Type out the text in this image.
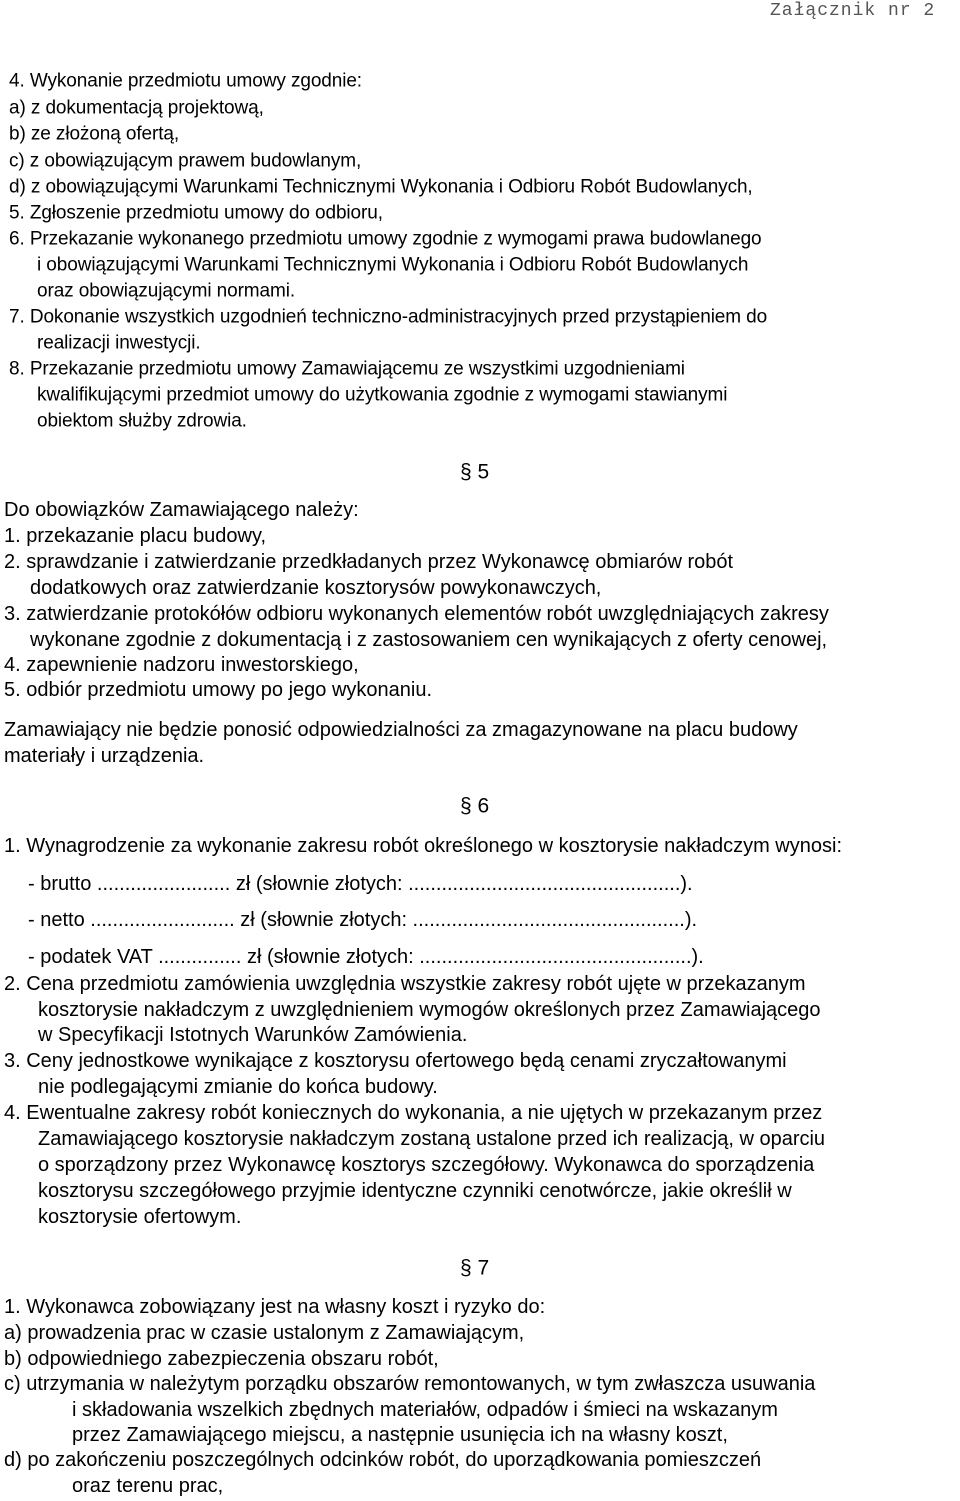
Załącznik nr 2
4. Wykonanie przedmiotu umowy zgodnie:
a) z dokumentacją projektową,
b) ze złożoną ofertą,
c) z obowiązującym prawem budowlanym,
d) z obowiązującymi Warunkami Technicznymi Wykonania i Odbioru Robót Budowlanych,
5. Zgłoszenie przedmiotu umowy do odbioru,
6. Przekazanie wykonanego przedmiotu umowy zgodnie z wymogami prawa budowlanego
i obowiązującymi Warunkami Technicznymi Wykonania i Odbioru Robót Budowlanych
oraz obowiązującymi normami.
7. Dokonanie wszystkich uzgodnień techniczno-administracyjnych przed przystąpieniem do
realizacji inwestycji.
8. Przekazanie przedmiotu umowy Zamawiającemu ze wszystkimi uzgodnieniami
kwalifikującymi przedmiot umowy do użytkowania zgodnie z wymogami stawianymi
obiektom służby zdrowia.
§ 5
Do obowiązków Zamawiającego należy:
1. przekazanie placu budowy,
2. sprawdzanie i zatwierdzanie przedkładanych przez Wykonawcę obmiarów robót
dodatkowych oraz zatwierdzanie kosztorysów powykonawczych,
3. zatwierdzanie protokółów odbioru wykonanych elementów robót uwzględniających zakresy
wykonane zgodnie z dokumentacją i z zastosowaniem cen wynikających z oferty cenowej,
4. zapewnienie nadzoru inwestorskiego,
5. odbiór przedmiotu umowy po jego wykonaniu.
Zamawiający nie będzie ponosić odpowiedzialności za zmagazynowane na placu budowy
materiały i urządzenia.
§ 6
1. Wynagrodzenie za wykonanie zakresu robót określonego w kosztorysie nakładczym wynosi:
- brutto ........................ zł (słownie złotych: .................................................).
- netto .......................... zł (słownie złotych: .................................................).
- podatek VAT ............... zł (słownie złotych: .................................................).
2. Cena przedmiotu zamówienia uwzględnia wszystkie zakresy robót ujęte w przekazanym
kosztorysie nakładczym z uwzględnieniem wymogów określonych przez Zamawiającego
w Specyfikacji Istotnych Warunków Zamówienia.
3. Ceny jednostkowe wynikające z kosztorysu ofertowego będą cenami zryczałtowanymi
nie podlegającymi zmianie do końca budowy.
4. Ewentualne zakresy robót koniecznych do wykonania, a nie ujętych w przekazanym przez
Zamawiającego kosztorysie nakładczym zostaną ustalone przed ich realizacją, w oparciu
o sporządzony przez Wykonawcę kosztorys szczegółowy. Wykonawca do sporządzenia
kosztorysu szczegółowego przyjmie identyczne czynniki cenotwórcze, jakie określił w
kosztorysie ofertowym.
§ 7
1. Wykonawca zobowiązany jest na własny koszt i ryzyko do:
a) prowadzenia prac w czasie ustalonym z Zamawiającym,
b) odpowiedniego zabezpieczenia obszaru robót,
c) utrzymania w należytym porządku obszarów remontowanych, w tym zwłaszcza usuwania
i składowania wszelkich zbędnych materiałów, odpadów i śmieci na wskazanym
przez Zamawiającego miejscu, a następnie usunięcia ich na własny koszt,
d) po zakończeniu poszczególnych odcinków robót, do uporządkowania pomieszczeń
oraz terenu prac,
